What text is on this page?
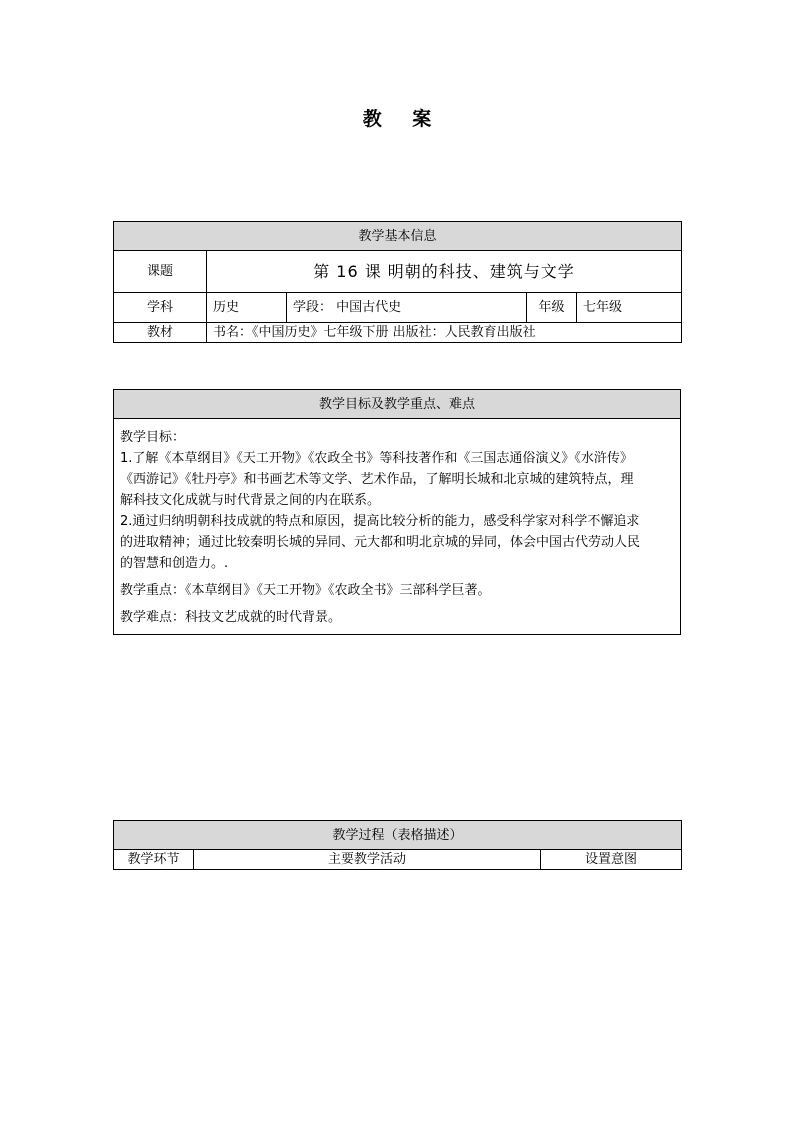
教 案
教学基本信息				
课题	第 16 课 明朝的科技、建筑与文学			
学科	历史	学段： 中国古代史	年级	七年级
教材	书名：《中国历史》七年级下册 出版社：人民教育出版社			
教学目标及教学重点、难点

教学目标：

1.了解《本草纲目》《天工开物》《农政全书》等科技著作和《三国志通俗演义》《水浒传》

《西游记》《牡丹亭》和书画艺术等文学、艺术作品，了解明长城和北京城的建筑特点，理

解科技文化成就与时代背景之间的内在联系。

2.通过归纳明朝科技成就的特点和原因，提高比较分析的能力，感受科学家对科学不懈追求

的进取精神；通过比较秦明长城的异同、元大都和明北京城的异同，体会中国古代劳动人民

的智慧和创造力。.

教学重点：《本草纲目》《天工开物》《农政全书》三部科学巨著。

教学难点：科技文艺成就的时代背景。

教学过程（表格描述）
教学环节	主要教学活动	设置意图
